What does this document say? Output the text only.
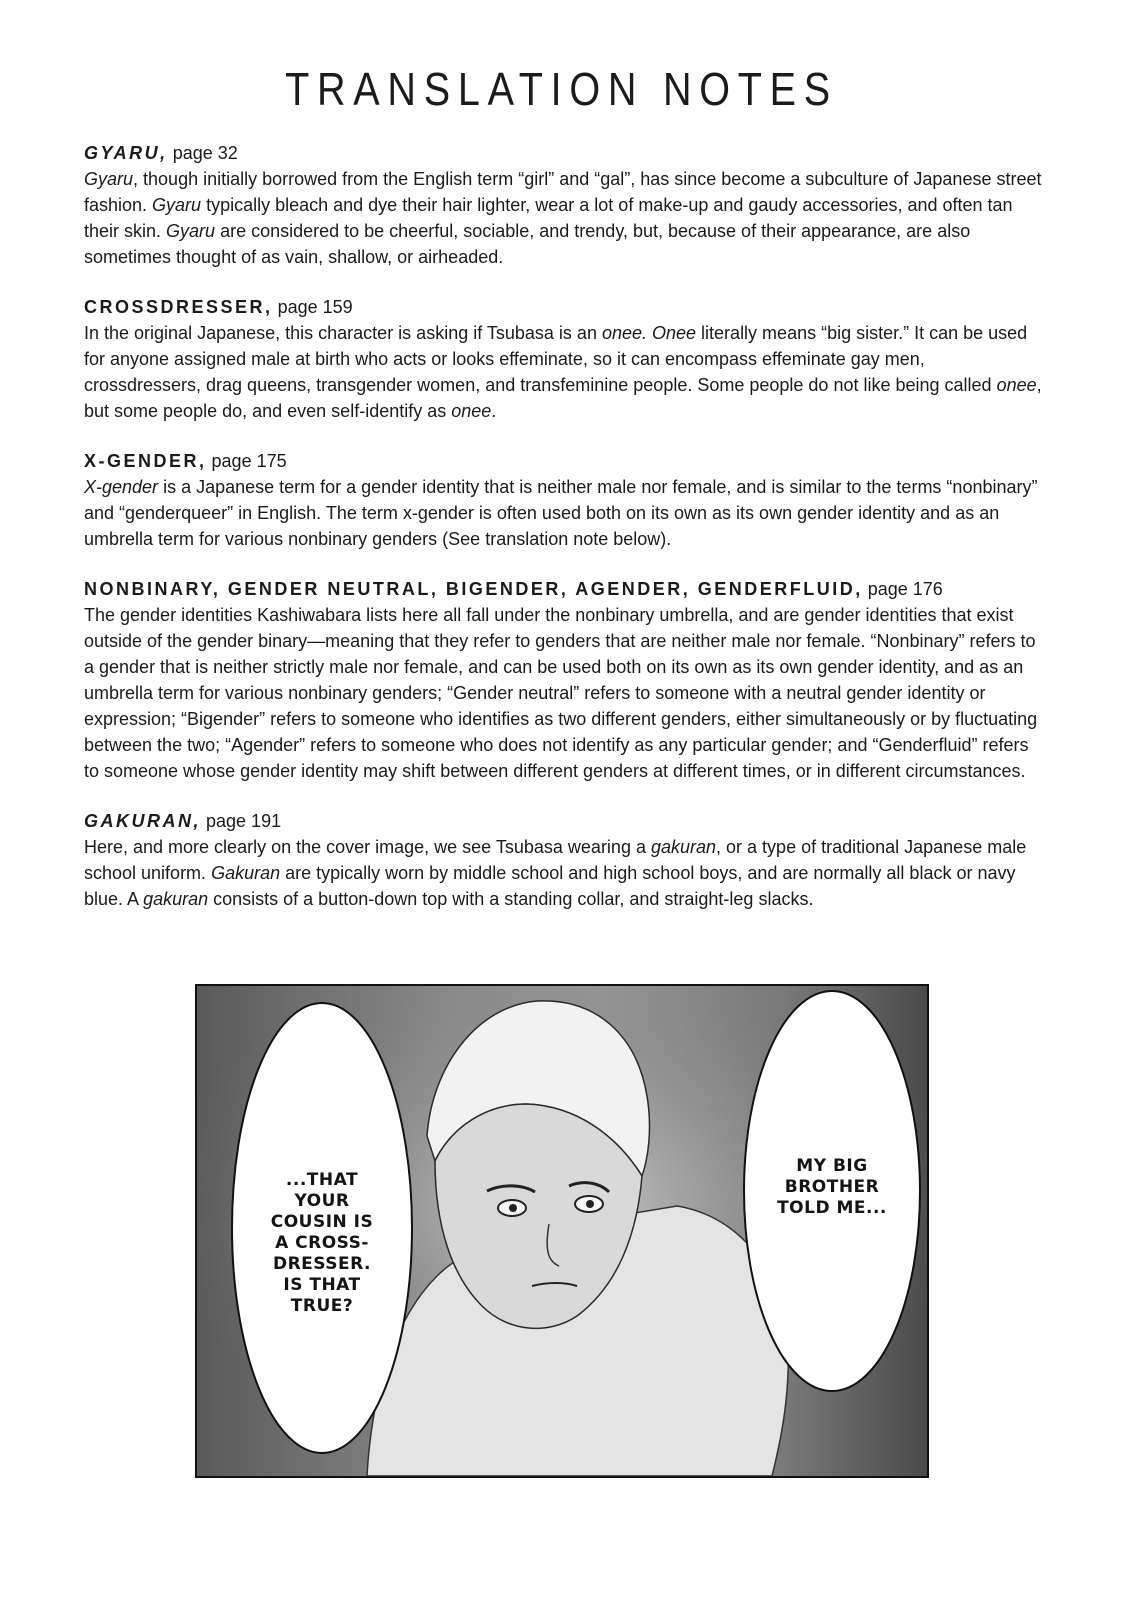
TRANSLATION NOTES

GYARU, page 32

Gyaru, though initially borrowed from the English term “girl” and “gal”, has since become a subculture of Japanese street fashion. Gyaru typically bleach and dye their hair lighter, wear a lot of make-up and gaudy accessories, and often tan their skin. Gyaru are considered to be cheerful, sociable, and trendy, but, because of their appearance, are also sometimes thought of as vain, shallow, or airheaded.

CROSSDRESSER, page 159

In the original Japanese, this character is asking if Tsubasa is an onee. Onee literally means “big sister.” It can be used for anyone assigned male at birth who acts or looks effeminate, so it can encompass effeminate gay men, crossdressers, drag queens, transgender women, and transfeminine people. Some people do not like being called onee, but some people do, and even self-identify as onee.

X-GENDER, page 175

X-gender is a Japanese term for a gender identity that is neither male nor female, and is similar to the terms “nonbinary” and “genderqueer” in English. The term x-gender is often used both on its own as its own gender identity and as an umbrella term for various nonbinary genders (See translation note below).

NONBINARY, GENDER NEUTRAL, BIGENDER, AGENDER, GENDERFLUID, page 176

The gender identities Kashiwabara lists here all fall under the nonbinary umbrella, and are gender identities that exist outside of the gender binary—meaning that they refer to genders that are neither male nor female. “Nonbinary” refers to a gender that is neither strictly male nor female, and can be used both on its own as its own gender identity, and as an umbrella term for various nonbinary genders; “Gender neutral” refers to someone with a neutral gender identity or expression; “Bigender” refers to someone who identifies as two different genders, either simultaneously or by fluctuating between the two; “Agender” refers to someone who does not identify as any particular gender; and “Genderfluid” refers to someone whose gender identity may shift between different genders at different times, or in different circumstances.

GAKURAN, page 191

Here, and more clearly on the cover image, we see Tsubasa wearing a gakuran, or a type of traditional Japanese male school uniform. Gakuran are typically worn by middle school and high school boys, and are normally all black or navy blue. A gakuran consists of a button-down top with a standing collar, and straight-leg slacks.

...THAT
YOUR
COUSIN IS
A CROSS-
DRESSER.
IS THAT
TRUE?
MY BIG
BROTHER
TOLD ME...
